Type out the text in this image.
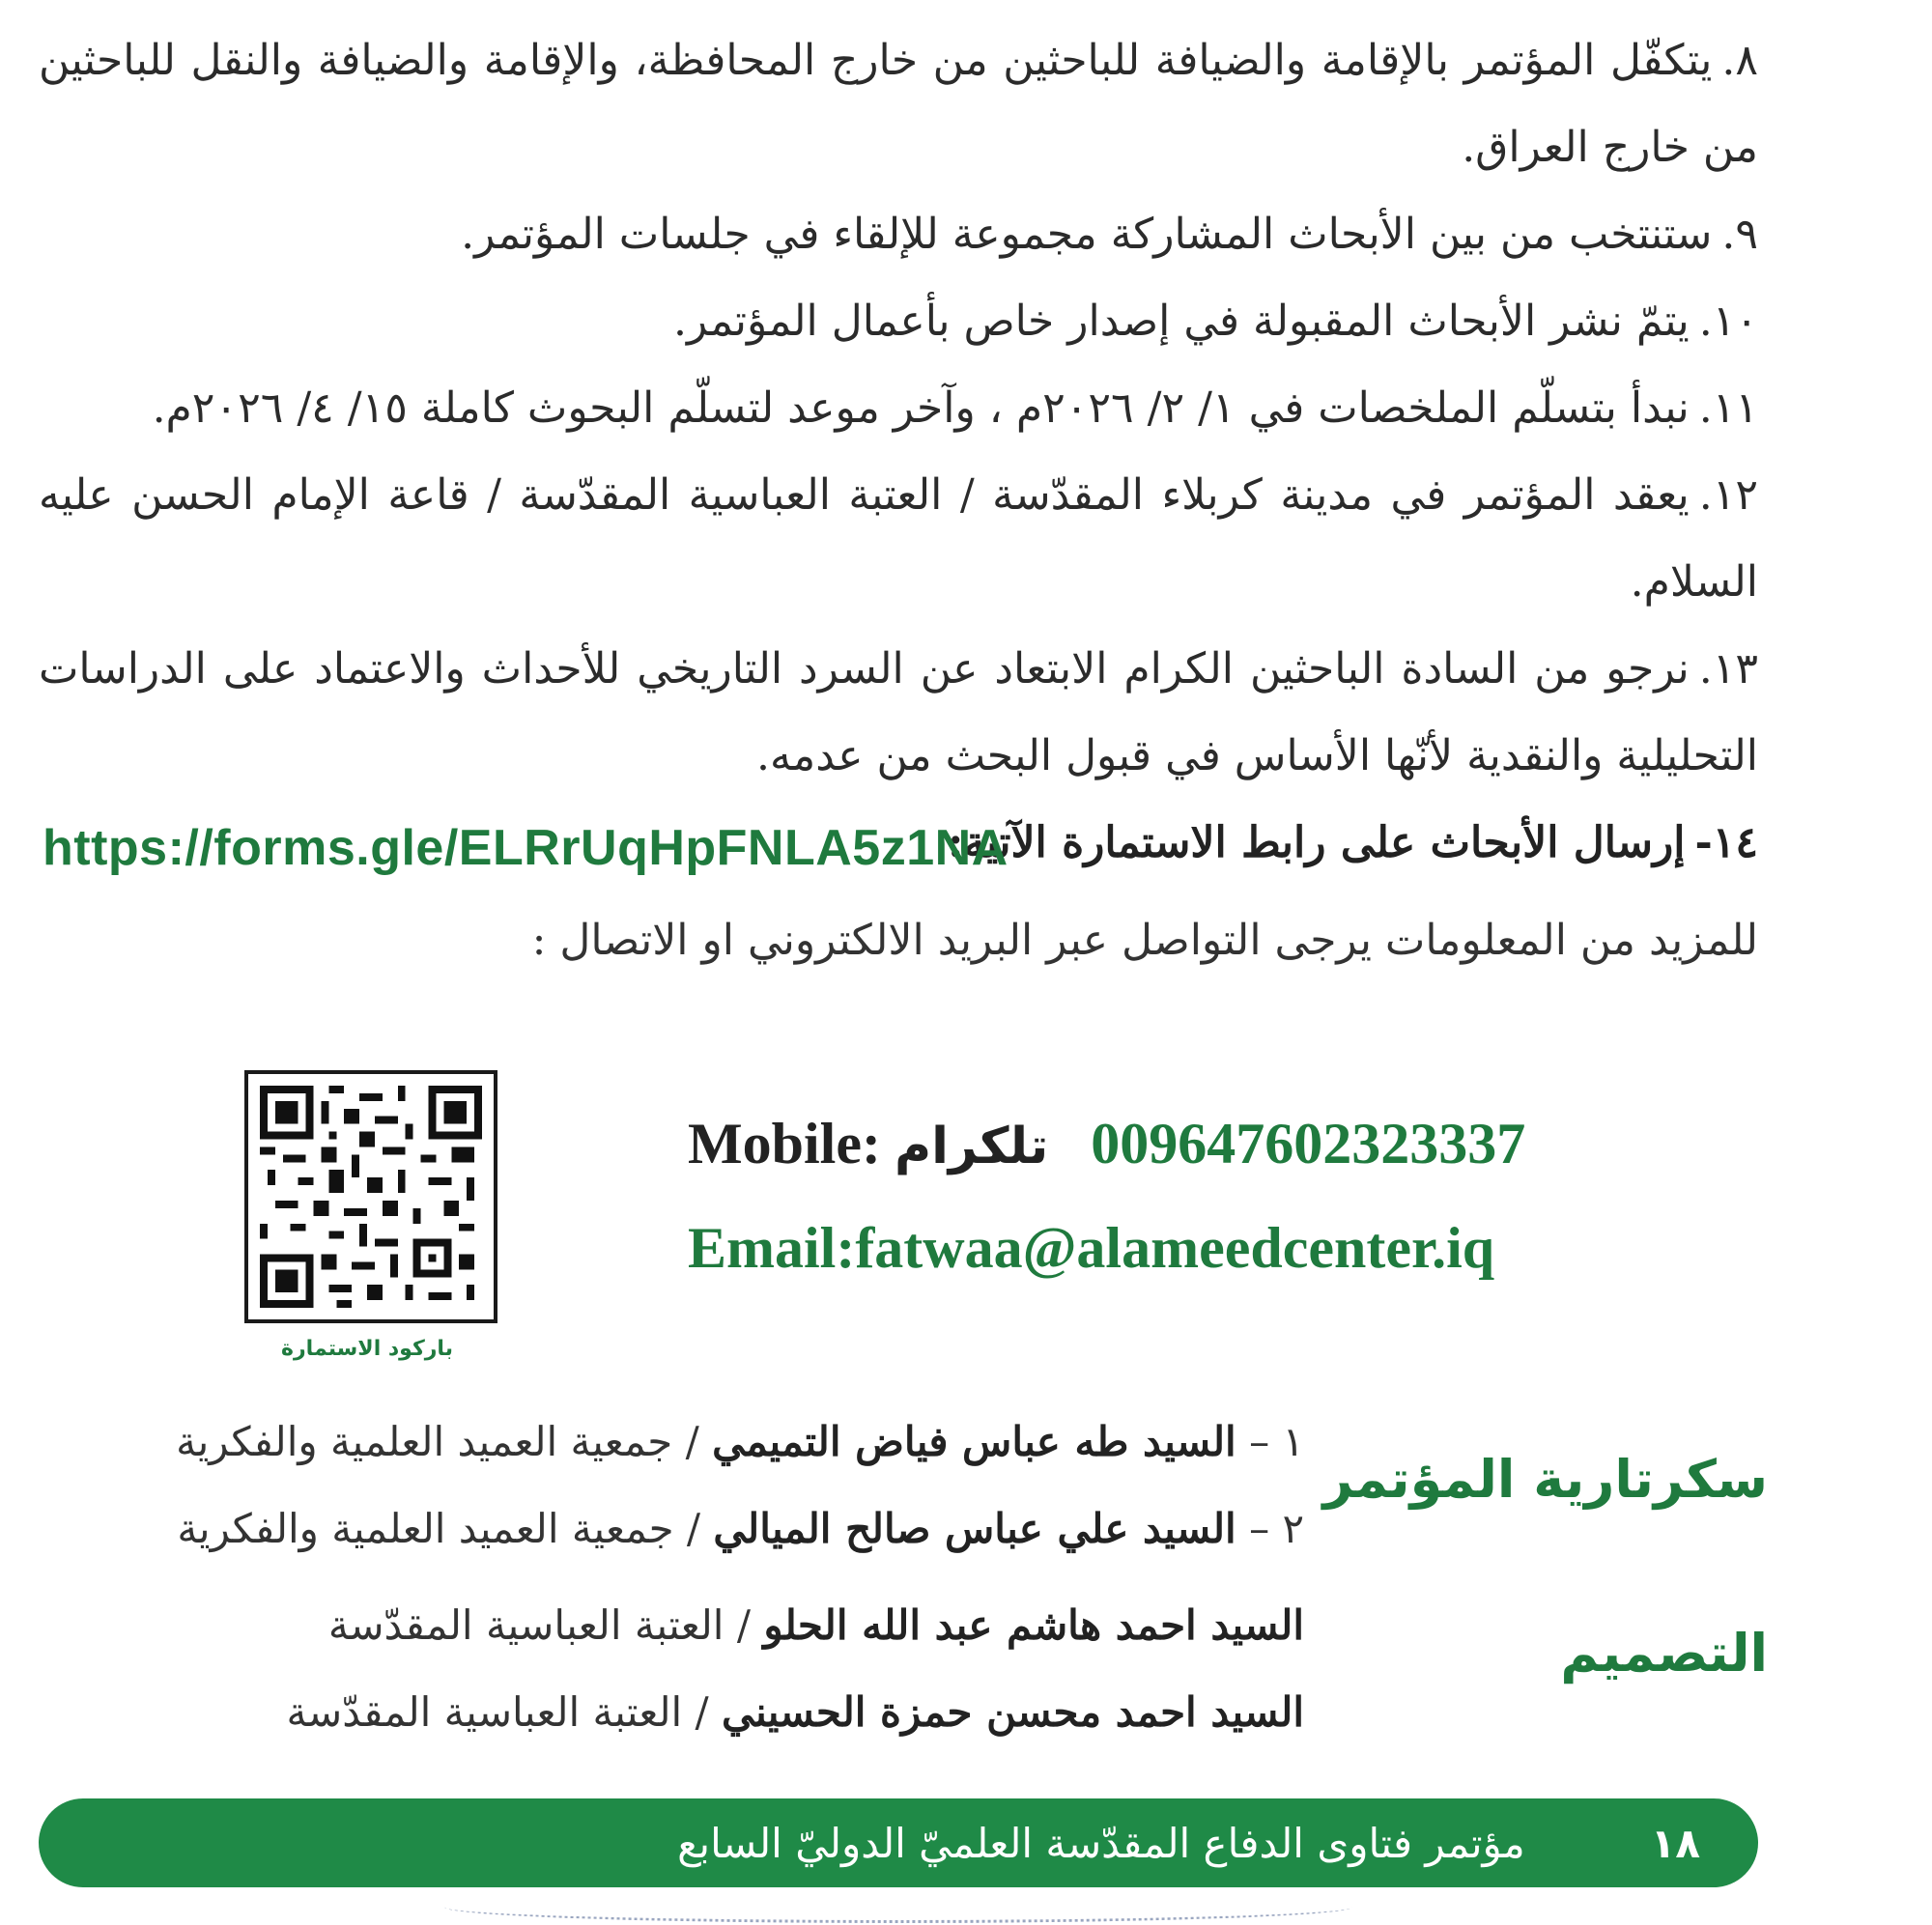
٨.يتكفّل المؤتمر بالإقامة والضيافة للباحثين من خارج المحافظة، والإقامة والضيافة والنقل للباحثين من خارج العراق.

٩.ستنتخب من بين الأبحاث المشاركة مجموعة للإلقاء في جلسات المؤتمر.

١٠.يتمّ نشر الأبحاث المقبولة في إصدار خاص بأعمال المؤتمر.

١١.نبدأ بتسلّم الملخصات في ١/ ٢/ ٢٠٢٦م ، وآخر موعد لتسلّم البحوث كاملة ١٥/ ٤/ ٢٠٢٦م.

١٢.يعقد المؤتمر في مدينة كربلاء المقدّسة / العتبة العباسية المقدّسة / قاعة الإمام الحسن عليه السلام.

١٣.نرجو من السادة الباحثين الكرام الابتعاد عن السرد التاريخي للأحداث والاعتماد على الدراسات التحليلية والنقدية لأنّها الأساس في قبول البحث من عدمه.

١٤-إرسال الأبحاث على رابط الاستمارة الآتية:

https://forms.gle/ELRrUqHpFNLA5z1NA
للمزيد من المعلومات يرجى التواصل عبر البريد الالكتروني او الاتصال :
باركود الاستمارة
Mobile: تلكرام 009647602323337
Email:fatwaa@alameedcenter.iq
سكرتارية المؤتمر
١ – السيد طه عباس فياض التميمي / جمعية العميد العلمية والفكرية
٢ – السيد علي عباس صالح الميالي / جمعية العميد العلمية والفكرية
التصميم
السيد احمد هاشم عبد الله الحلو / العتبة العباسية المقدّسة
السيد احمد محسن حمزة الحسيني / العتبة العباسية المقدّسة
١٨
مؤتمر فتاوى الدفاع المقدّسة العلميّ الدوليّ السابع
